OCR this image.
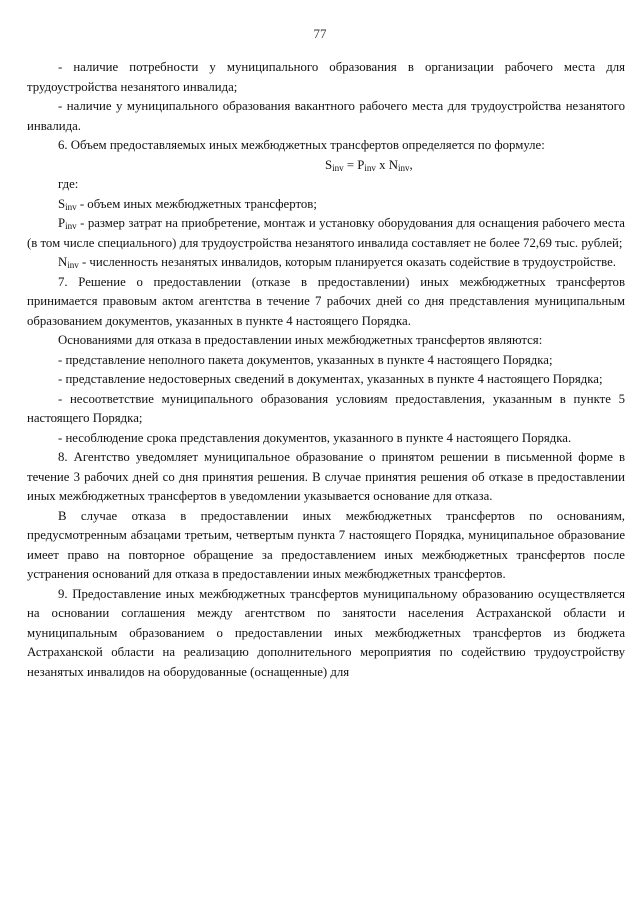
77

- наличие потребности у муниципального образования в организации рабочего места для трудоустройства незанятого инвалида;

- наличие у муниципального образования вакантного рабочего места для трудоустройства незанятого инвалида.

6. Объем предоставляемых иных межбюджетных трансфертов определяется по формуле:

$S_{inv} = P_{inv}$ x $N_{inv}$,

где:

$S_{inv}$ - объем иных межбюджетных трансфертов;

$P_{inv}$ - размер затрат на приобретение, монтаж и установку оборудования для оснащения рабочего места (в том числе специального) для трудоустройства незанятого инвалида составляет не более 72,69 тыс. рублей;

$N_{inv}$ - численность незанятых инвалидов, которым планируется оказать содействие в трудоустройстве.

7. Решение о предоставлении (отказе в предоставлении) иных межбюджетных трансфертов принимается правовым актом агентства в течение 7 рабочих дней со дня представления муниципальным образованием документов, указанных в пункте 4 настоящего Порядка.

Основаниями для отказа в предоставлении иных межбюджетных трансфертов являются:

- представление неполного пакета документов, указанных в пункте 4 настоящего Порядка;

- представление недостоверных сведений в документах, указанных в пункте 4 настоящего Порядка;

- несоответствие муниципального образования условиям предоставления, указанным в пункте 5 настоящего Порядка;

- несоблюдение срока представления документов, указанного в пункте 4 настоящего Порядка.

8. Агентство уведомляет муниципальное образование о принятом решении в письменной форме в течение 3 рабочих дней со дня принятия решения. В случае принятия решения об отказе в предоставлении иных межбюджетных трансфертов в уведомлении указывается основание для отказа.

В случае отказа в предоставлении иных межбюджетных трансфертов по основаниям, предусмотренным абзацами третьим, четвертым пункта 7 настоящего Порядка, муниципальное образование имеет право на повторное обращение за предоставлением иных межбюджетных трансфертов после устранения оснований для отказа в предоставлении иных межбюджетных трансфертов.

9. Предоставление иных межбюджетных трансфертов муниципальному образованию осуществляется на основании соглашения между агентством по занятости населения Астраханской области и муниципальным образованием о предоставлении иных межбюджетных трансфертов из бюджета Астраханской области на реализацию дополнительного мероприятия по содействию трудоустройству незанятых инвалидов на оборудованные (оснащенные) для
